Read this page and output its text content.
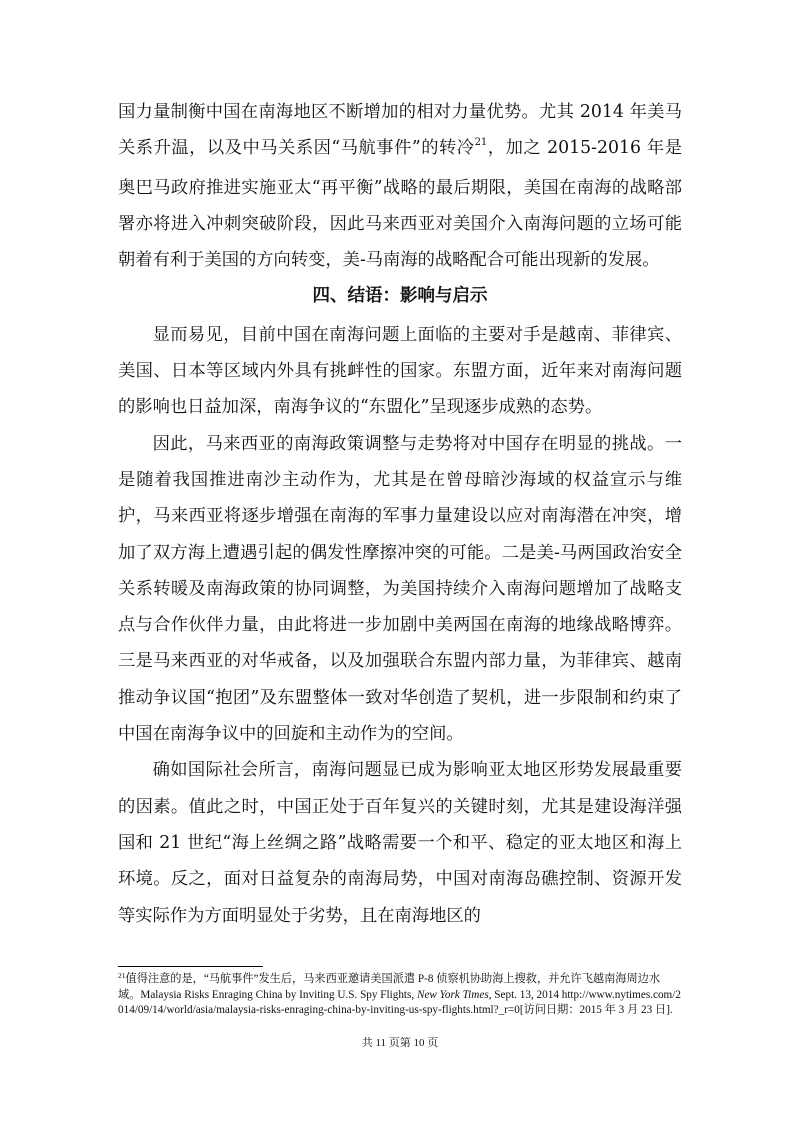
国力量制衡中国在南海地区不断增加的相对力量优势。尤其 2014 年美马关系升温，以及中马关系因“马航事件”的转冷$^{21}$，加之 2015-2016 年是奥巴马政府推进实施亚太“再平衡”战略的最后期限，美国在南海的战略部署亦将进入冲刺突破阶段，因此马来西亚对美国介入南海问题的立场可能朝着有利于美国的方向转变，美-马南海的战略配合可能出现新的发展。

四、结语：影响与启示

显而易见，目前中国在南海问题上面临的主要对手是越南、菲律宾、美国、日本等区域内外具有挑衅性的国家。东盟方面，近年来对南海问题的影响也日益加深，南海争议的“东盟化”呈现逐步成熟的态势。

因此，马来西亚的南海政策调整与走势将对中国存在明显的挑战。一是随着我国推进南沙主动作为，尤其是在曾母暗沙海域的权益宣示与维护，马来西亚将逐步增强在南海的军事力量建设以应对南海潜在冲突，增加了双方海上遭遇引起的偶发性摩擦冲突的可能。二是美-马两国政治安全关系转暖及南海政策的协同调整，为美国持续介入南海问题增加了战略支点与合作伙伴力量，由此将进一步加剧中美两国在南海的地缘战略博弈。三是马来西亚的对华戒备，以及加强联合东盟内部力量，为菲律宾、越南推动争议国“抱团”及东盟整体一致对华创造了契机，进一步限制和约束了中国在南海争议中的回旋和主动作为的空间。

确如国际社会所言，南海问题显已成为影响亚太地区形势发展最重要的因素。值此之时，中国正处于百年复兴的关键时刻，尤其是建设海洋强国和 21 世纪“海上丝绸之路”战略需要一个和平、稳定的亚太地区和海上环境。反之，面对日益复杂的南海局势，中国对南海岛礁控制、资源开发等实际作为方面明显处于劣势，且在南海地区的

$^{21}$值得注意的是，“马航事件”发生后，马来西亚邀请美国派遣 P-8 侦察机协助海上搜救，并允许飞越南海周边水域。Malaysia Risks Enraging China by Inviting U.S. Spy Flights, New York Times, Sept. 13, 2014 http://www.nytimes.com/2014/09/14/world/asia/malaysia-risks-enraging-china-by-inviting-us-spy-flights.html?_r=0[访问日期：2015 年 3 月 23 日].
共 11 页第 10 页
